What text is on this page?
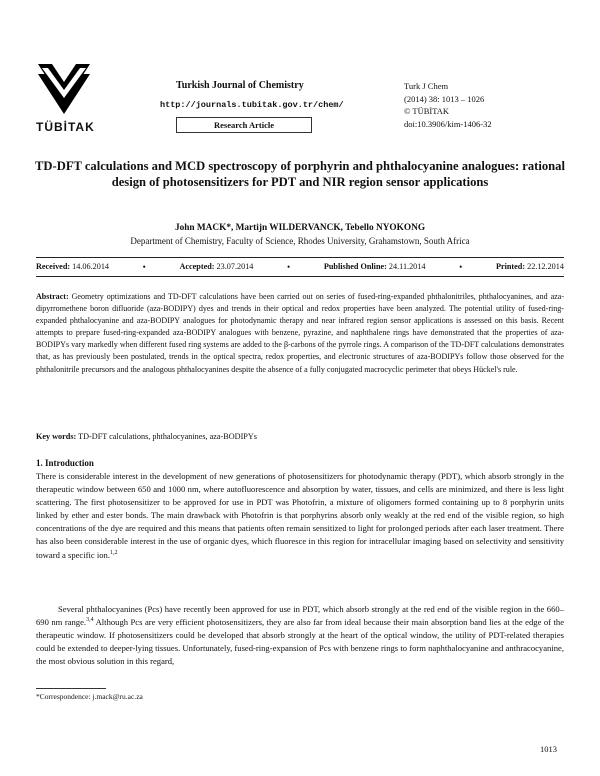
TÜBİTAK
Turkish Journal of Chemistry
http://journals.tubitak.gov.tr/chem/
Research Article
Turk J Chem
(2014) 38: 1013 – 1026
© TÜBİTAK
doi:10.3906/kim-1406-32
TD-DFT calculations and MCD spectroscopy of porphyrin and phthalocyanine analogues: rational design of photosensitizers for PDT and NIR region sensor applications
John MACK*, Martijn WILDERVANCK, Tebello NYOKONG
Department of Chemistry, Faculty of Science, Rhodes University, Grahamstown, South Africa
Received: 14.06.2014	•	Accepted: 23.07.2014	•	Published Online: 24.11.2014	•	Printed: 22.12.2014
Abstract: Geometry optimizations and TD-DFT calculations have been carried out on series of fused-ring-expanded phthalonitriles, phthalocyanines, and aza-dipyrromethene boron difluoride (aza-BODIPY) dyes and trends in their optical and redox properties have been analyzed. The potential utility of fused-ring-expanded phthalocyanine and aza-BODIPY analogues for photodynamic therapy and near infrared region sensor applications is assessed on this basis. Recent attempts to prepare fused-ring-expanded aza-BODIPY analogues with benzene, pyrazine, and naphthalene rings have demonstrated that the properties of aza-BODIPYs vary markedly when different fused ring systems are added to the β-carbons of the pyrrole rings. A comparison of the TD-DFT calculations demonstrates that, as has previously been postulated, trends in the optical spectra, redox properties, and electronic structures of aza-BODIPYs follow those observed for the phthalonitrile precursors and the analogous phthalocyanines despite the absence of a fully conjugated macrocyclic perimeter that obeys Hückel's rule.
Key words: TD-DFT calculations, phthalocyanines, aza-BODIPYs
1. Introduction
There is considerable interest in the development of new generations of photosensitizers for photodynamic therapy (PDT), which absorb strongly in the therapeutic window between 650 and 1000 nm, where autofluorescence and absorption by water, tissues, and cells are minimized, and there is less light scattering. The first photosensitizer to be approved for use in PDT was Photofrin, a mixture of oligomers formed containing up to 8 porphyrin units linked by ether and ester bonds. The main drawback with Photofrin is that porphyrins absorb only weakly at the red end of the visible region, so high concentrations of the dye are required and this means that patients often remain sensitized to light for prolonged periods after each laser treatment. There has also been considerable interest in the use of organic dyes, which fluoresce in this region for intracellular imaging based on selectivity and sensitivity toward a specific ion.$^{1,2}$
Several phthalocyanines (Pcs) have recently been approved for use in PDT, which absorb strongly at the red end of the visible region in the 660–690 nm range.$^{3,4}$ Although Pcs are very efficient photosensitizers, they are also far from ideal because their main absorption band lies at the edge of the therapeutic window. If photosensitizers could be developed that absorb strongly at the heart of the optical window, the utility of PDT-related therapies could be extended to deeper-lying tissues. Unfortunately, fused-ring-expansion of Pcs with benzene rings to form naphthalocyanine and anthracocyanine, the most obvious solution in this regard,
*Correspondence: j.mack@ru.ac.za
1013
